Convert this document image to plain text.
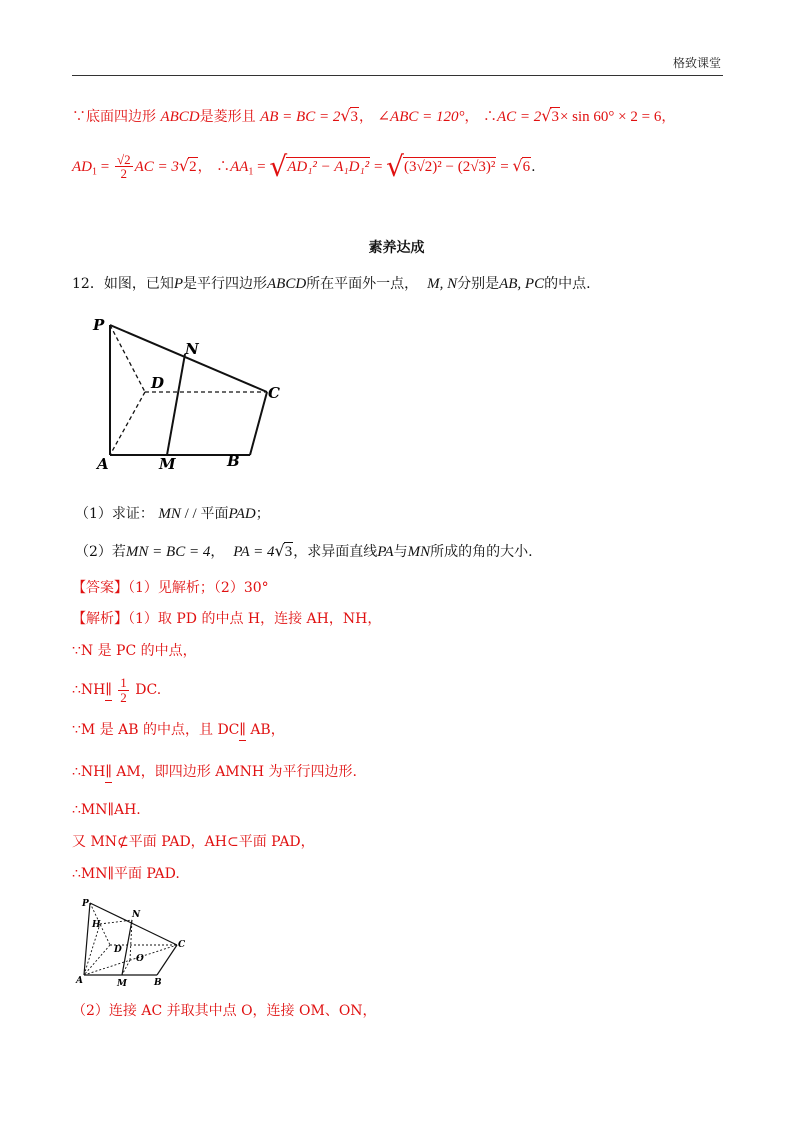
格致课堂
∵底面四边形 ABCD是菱形且 AB = BC = 2√3， ∠ABC = 120°， ∴AC = 2√3× sin 60° × 2 = 6，
$AD_1 = \frac{√2}{2}$ AC = 3√2， $\therefore AA_1 = √AD_1^2 - A_1D_1^2 = √(3√2)^2 - (2√3)^2 = √6$.
素养达成
12．如图，已知P是平行四边形ABCD所在平面外一点， M, N分别是AB, PC的中点.
P
N
D
C
A	M	B
（1）求证： MN / / 平面PAD；
（2）若MN = BC = 4， PA = 4√3，求异面直线PA与MN所成的角的大小.
【答案】（1）见解析；（2）30°
【解析】（1）取 PD 的中点 H，连接 AH，NH，
∵N 是 PC 的中点，
∴NH∥ $\frac{1}{2}$ DC.
∵M 是 AB 的中点，且 DC∥ AB，
∴NH∥ AM，即四边形 AMNH 为平行四边形.
∴MN∥AH.
又 MN⊄平面 PAD，AH⊂平面 PAD，
∴MN∥平面 PAD.
P
N
H
D	C
O
A	M	B
（2）连接 AC 并取其中点 O，连接 OM、ON，
